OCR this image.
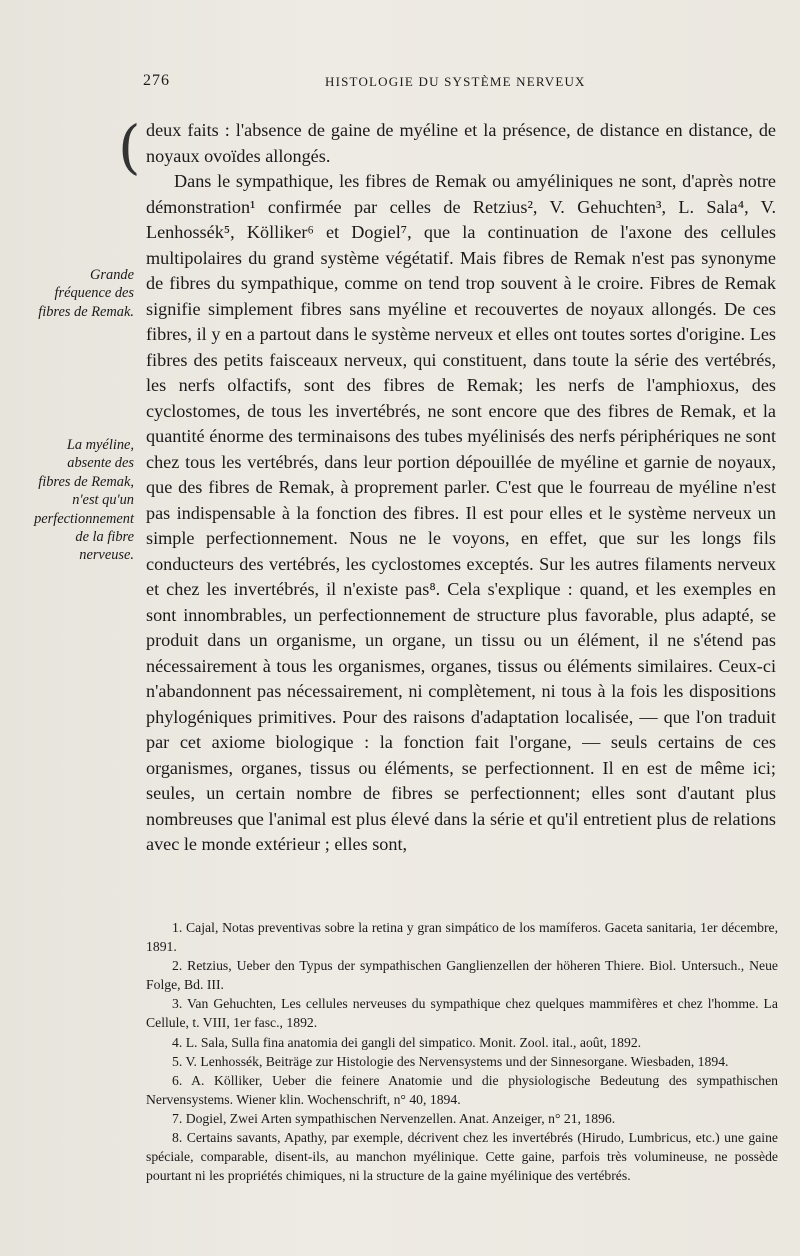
276	HISTOLOGIE DU SYSTÈME NERVEUX
(
Grande fréquence des fibres de Remak.
La myéline, absente des fibres de Remak, n'est qu'un perfectionnement de la fibre nerveuse.

deux faits : l'absence de gaine de myéline et la présence, de distance en distance, de noyaux ovoïdes allongés.

Dans le sympathique, les fibres de Remak ou amyéliniques ne sont, d'après notre démonstration¹ confirmée par celles de Retzius², V. Gehuchten³, L. Sala⁴, V. Lenhossék⁵, Kölliker⁶ et Dogiel⁷, que la continuation de l'axone des cellules multipolaires du grand système végétatif. Mais fibres de Remak n'est pas synonyme de fibres du sympathique, comme on tend trop souvent à le croire. Fibres de Remak signifie simplement fibres sans myéline et recouvertes de noyaux allongés. De ces fibres, il y en a partout dans le système nerveux et elles ont toutes sortes d'origine. Les fibres des petits faisceaux nerveux, qui constituent, dans toute la série des vertébrés, les nerfs olfactifs, sont des fibres de Remak; les nerfs de l'amphioxus, des cyclostomes, de tous les invertébrés, ne sont encore que des fibres de Remak, et la quantité énorme des terminaisons des tubes myélinisés des nerfs périphériques ne sont chez tous les vertébrés, dans leur portion dépouillée de myéline et garnie de noyaux, que des fibres de Remak, à proprement parler. C'est que le fourreau de myéline n'est pas indispensable à la fonction des fibres. Il est pour elles et le système nerveux un simple perfectionnement. Nous ne le voyons, en effet, que sur les longs fils conducteurs des vertébrés, les cyclostomes exceptés. Sur les autres filaments nerveux et chez les invertébrés, il n'existe pas⁸. Cela s'explique : quand, et les exemples en sont innombrables, un perfectionnement de structure plus favorable, plus adapté, se produit dans un organisme, un organe, un tissu ou un élément, il ne s'étend pas nécessairement à tous les organismes, organes, tissus ou éléments similaires. Ceux-ci n'abandonnent pas nécessairement, ni complètement, ni tous à la fois les dispositions phylogéniques primitives. Pour des raisons d'adaptation localisée, — que l'on traduit par cet axiome biologique : la fonction fait l'organe, — seuls certains de ces organismes, organes, tissus ou éléments, se perfectionnent. Il en est de même ici; seules, un certain nombre de fibres se perfectionnent; elles sont d'autant plus nombreuses que l'animal est plus élevé dans la série et qu'il entretient plus de relations avec le monde extérieur ; elles sont,

1. Cajal, Notas preventivas sobre la retina y gran simpático de los mamíferos. Gaceta sanitaria, 1er décembre, 1891.

2. Retzius, Ueber den Typus der sympathischen Ganglienzellen der höheren Thiere. Biol. Untersuch., Neue Folge, Bd. III.

3. Van Gehuchten, Les cellules nerveuses du sympathique chez quelques mammifères et chez l'homme. La Cellule, t. VIII, 1er fasc., 1892.

4. L. Sala, Sulla fina anatomia dei gangli del simpatico. Monit. Zool. ital., août, 1892.

5. V. Lenhossék, Beiträge zur Histologie des Nervensystems und der Sinnesorgane. Wiesbaden, 1894.

6. A. Kölliker, Ueber die feinere Anatomie und die physiologische Bedeutung des sympathischen Nervensystems. Wiener klin. Wochenschrift, n° 40, 1894.

7. Dogiel, Zwei Arten sympathischen Nervenzellen. Anat. Anzeiger, n° 21, 1896.

8. Certains savants, Apathy, par exemple, décrivent chez les invertébrés (Hirudo, Lumbricus, etc.) une gaine spéciale, comparable, disent-ils, au manchon myélinique. Cette gaine, parfois très volumineuse, ne possède pourtant ni les propriétés chimiques, ni la structure de la gaine myélinique des vertébrés.
